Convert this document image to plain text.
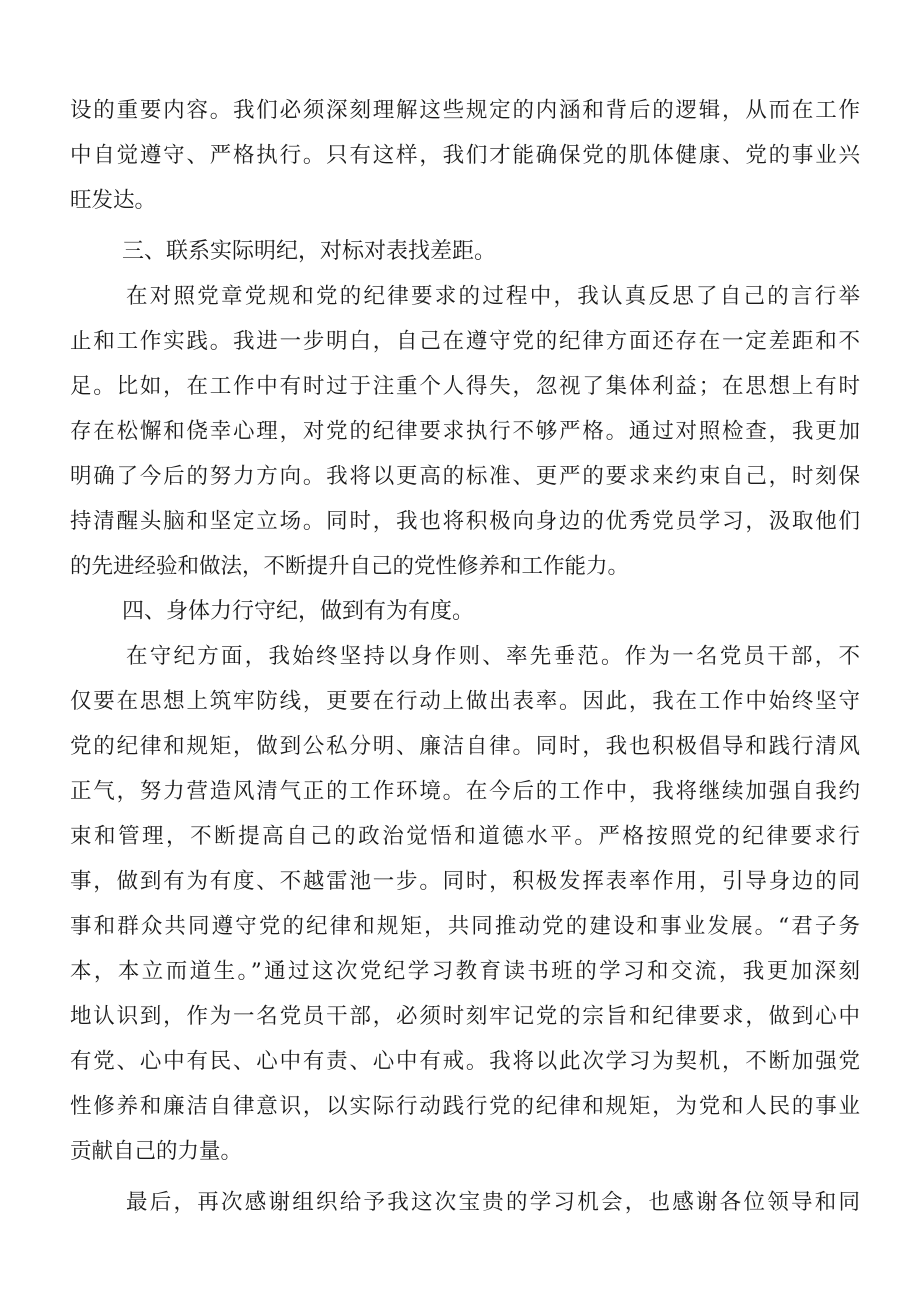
设的重要内容。我们必须深刻理解这些规定的内涵和背后的逻辑，从而在工作
中自觉遵守、严格执行。只有这样，我们才能确保党的肌体健康、党的事业兴
旺发达。
三、联系实际明纪，对标对表找差距。
在对照党章党规和党的纪律要求的过程中，我认真反思了自己的言行举
止和工作实践。我进一步明白，自己在遵守党的纪律方面还存在一定差距和不
足。比如，在工作中有时过于注重个人得失，忽视了集体利益；在思想上有时
存在松懈和侥幸心理，对党的纪律要求执行不够严格。通过对照检查，我更加
明确了今后的努力方向。我将以更高的标准、更严的要求来约束自己，时刻保
持清醒头脑和坚定立场。同时，我也将积极向身边的优秀党员学习，汲取他们
的先进经验和做法，不断提升自己的党性修养和工作能力。
四、身体力行守纪，做到有为有度。
在守纪方面，我始终坚持以身作则、率先垂范。作为一名党员干部，不
仅要在思想上筑牢防线，更要在行动上做出表率。因此，我在工作中始终坚守
党的纪律和规矩，做到公私分明、廉洁自律。同时，我也积极倡导和践行清风
正气，努力营造风清气正的工作环境。在今后的工作中，我将继续加强自我约
束和管理，不断提高自己的政治觉悟和道德水平。严格按照党的纪律要求行
事，做到有为有度、不越雷池一步。同时，积极发挥表率作用，引导身边的同
事和群众共同遵守党的纪律和规矩，共同推动党的建设和事业发展。“君子务
本，本立而道生。”通过这次党纪学习教育读书班的学习和交流，我更加深刻
地认识到，作为一名党员干部，必须时刻牢记党的宗旨和纪律要求，做到心中
有党、心中有民、心中有责、心中有戒。我将以此次学习为契机，不断加强党
性修养和廉洁自律意识，以实际行动践行党的纪律和规矩，为党和人民的事业
贡献自己的力量。
最后，再次感谢组织给予我这次宝贵的学习机会，也感谢各位领导和同
